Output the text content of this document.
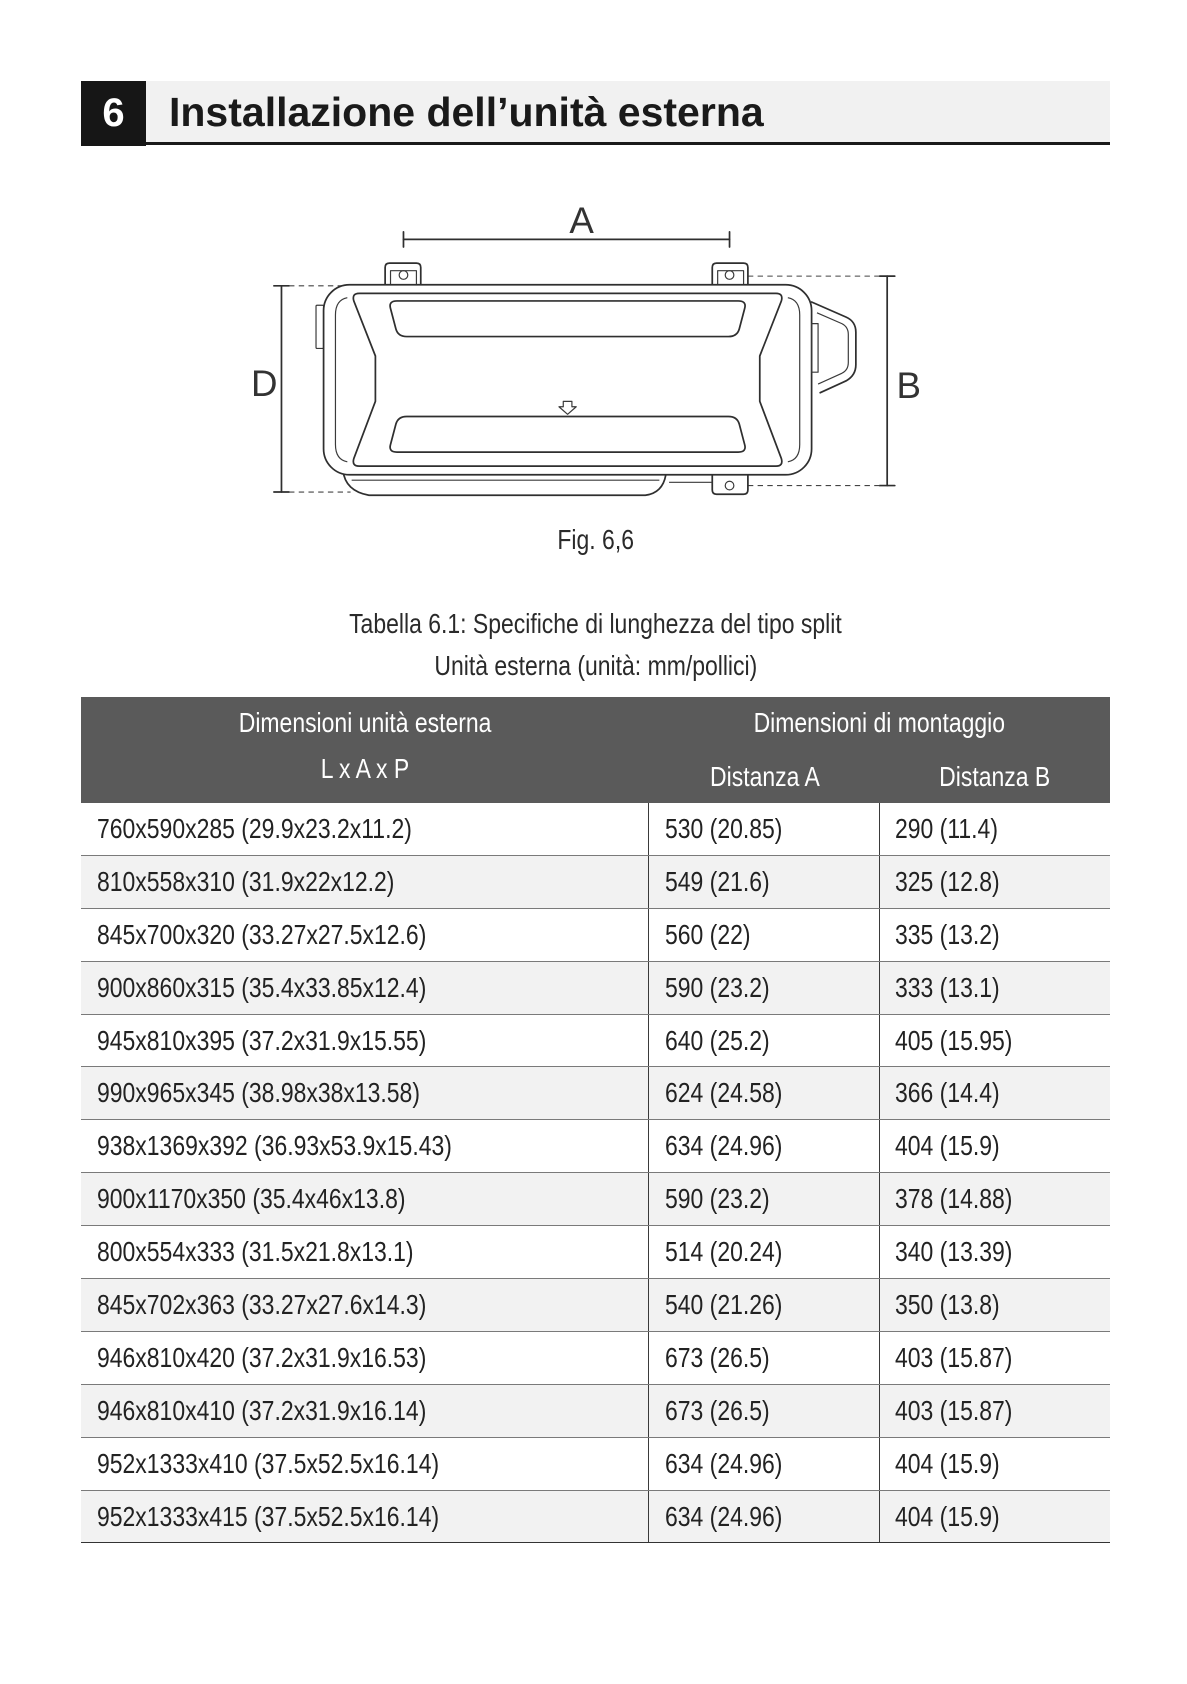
6	Installazione dell’unità esterna
A
D	B
Fig. 6,6
Tabella 6.1: Specifiche di lunghezza del tipo split
Unità esterna (unità: mm/pollici)
Dimensioni unità esterna
L x A x P
Dimensioni di montaggio
Distanza A	Distanza B
760x590x285 (29.9x23.2x11.2)	530 (20.85)	290 (11.4)
810x558x310 (31.9x22x12.2)	549 (21.6)	325 (12.8)
845x700x320 (33.27x27.5x12.6)	560 (22)	335 (13.2)
900x860x315 (35.4x33.85x12.4)	590 (23.2)	333 (13.1)
945x810x395 (37.2x31.9x15.55)	640 (25.2)	405 (15.95)
990x965x345 (38.98x38x13.58)	624 (24.58)	366 (14.4)
938x1369x392 (36.93x53.9x15.43)	634 (24.96)	404 (15.9)
900x1170x350 (35.4x46x13.8)	590 (23.2)	378 (14.88)
800x554x333 (31.5x21.8x13.1)	514 (20.24)	340 (13.39)
845x702x363 (33.27x27.6x14.3)	540 (21.26)	350 (13.8)
946x810x420 (37.2x31.9x16.53)	673 (26.5)	403 (15.87)
946x810x410 (37.2x31.9x16.14)	673 (26.5)	403 (15.87)
952x1333x410 (37.5x52.5x16.14)	634 (24.96)	404 (15.9)
952x1333x415 (37.5x52.5x16.14)	634 (24.96)	404 (15.9)
